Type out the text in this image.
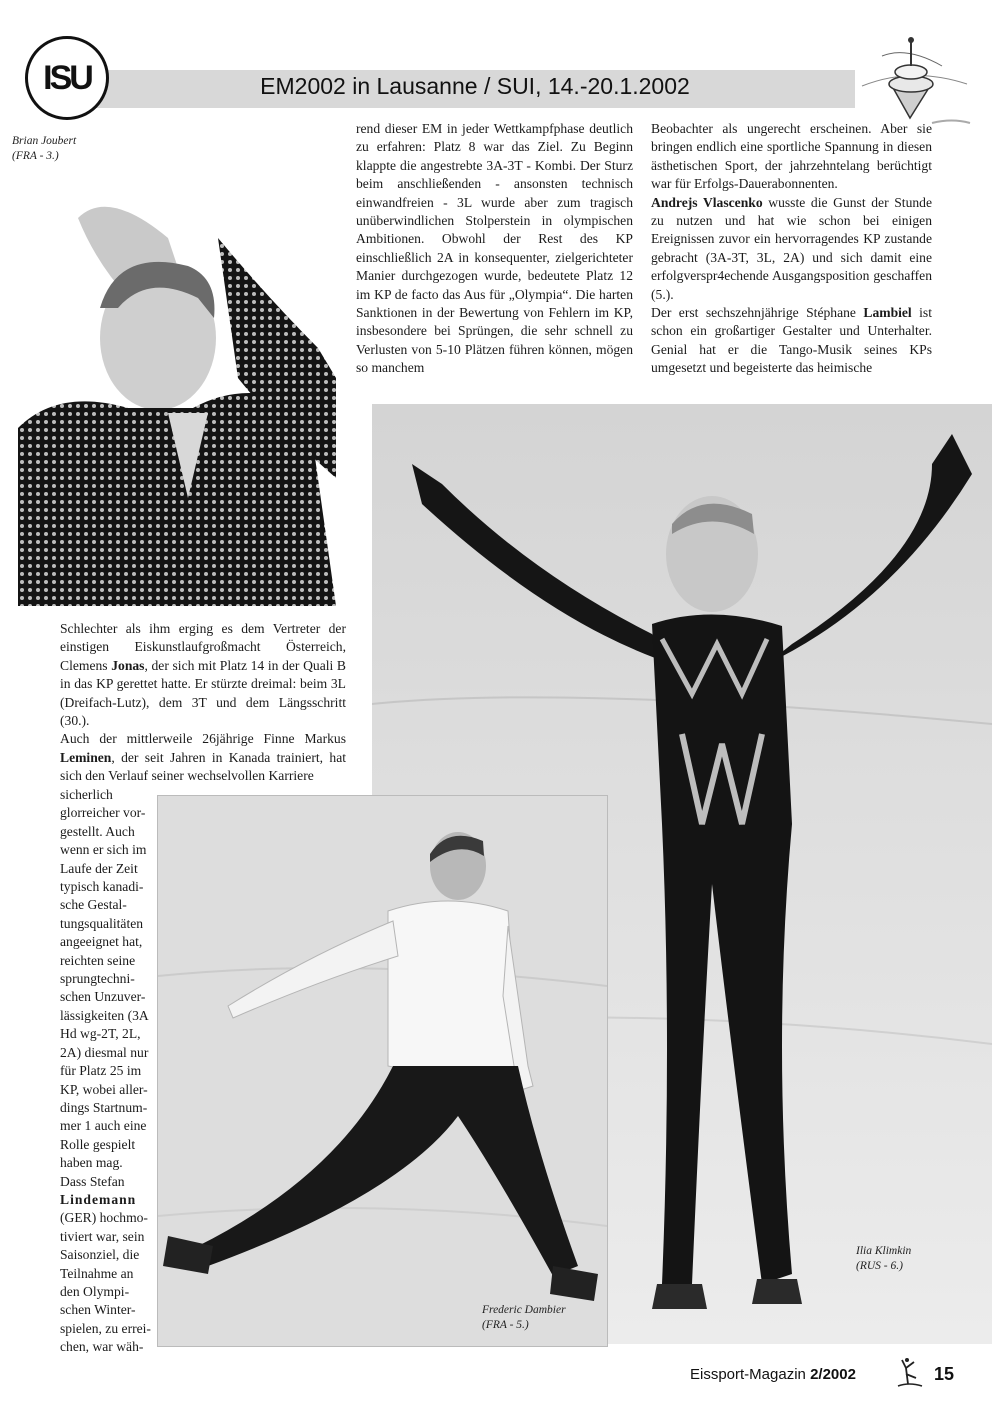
ISU	EM2002 in Lausanne / SUI, 14.-20.1.2002
Brian Joubert
(FRA - 3.)

rend dieser EM in jeder Wettkampfphase deutlich zu erfahren: Platz 8 war das Ziel. Zu Beginn klappte die angestrebte 3A-3T - Kombi. Der Sturz beim anschließenden - ansonsten technisch einwandfreien - 3L wurde aber zum tragisch unüberwindlichen Stolperstein in olympischen Ambitionen. Obwohl der Rest des KP einschließlich 2A in konsequenter, zielgerichteter Manier durchgezogen wurde, bedeutete Platz 12 im KP de facto das Aus für „Olympia“. Die harten Sanktionen in der Bewertung von Fehlern im KP, insbesondere bei Sprüngen, die sehr schnell zu Verlusten von 5-10 Plätzen führen können, mögen so manchem

Beobachter als ungerecht erscheinen. Aber sie bringen endlich eine sportliche Spannung in diesen ästhetischen Sport, der jahrzehntelang berüchtigt war für Erfolgs-Dauerabonnenten.

Andrejs Vlascenko wusste die Gunst der Stunde zu nutzen und hat wie schon bei einigen Ereignissen zuvor ein hervorragendes KP zustande gebracht (3A-3T, 3L, 2A) und sich damit eine erfolgverspr4echende Ausgangsposition geschaffen (5.).

Der erst sechszehnjährige Stéphane Lambiel ist schon ein großartiger Gestalter und Unterhalter. Genial hat er die Tango-Musik seines KPs umgesetzt und begeisterte das heimische

Ilia Klimkin
(RUS - 6.)

Schlechter als ihm erging es dem Vertreter der einstigen Eiskunstlaufgroßmacht Österreich, Clemens Jonas, der sich mit Platz 14 in der Quali B in das KP gerettet hatte. Er stürzte dreimal: beim 3L (Dreifach-Lutz), dem 3T und dem Längsschritt (30.).

Auch der mittlerweile 26jährige Finne Markus Leminen, der seit Jahren in Kanada trainiert, hat sich den Verlauf seiner wechselvollen Karriere

sicherlich
glorreicher vor-
gestellt. Auch
wenn er sich im
Laufe der Zeit
typisch kanadi-
sche Gestal-
tungsqualitäten
angeeignet hat,
reichten seine
sprungtechni-
schen Unzuver-
lässigkeiten (3A
Hd wg-2T, 2L,
2A) diesmal nur
für Platz 25 im
KP, wobei aller-
dings Startnum-
mer 1 auch eine
Rolle gespielt
haben mag.
Dass Stefan
Lindemann
(GER) hochmo-
tiviert war, sein
Saisonziel, die
Teilnahme an
den Olympi-
schen Winter-
spielen, zu errei-
chen, war wäh-
Frederic Dambier
(FRA - 5.)
Eissport-Magazin 2/2002	15
